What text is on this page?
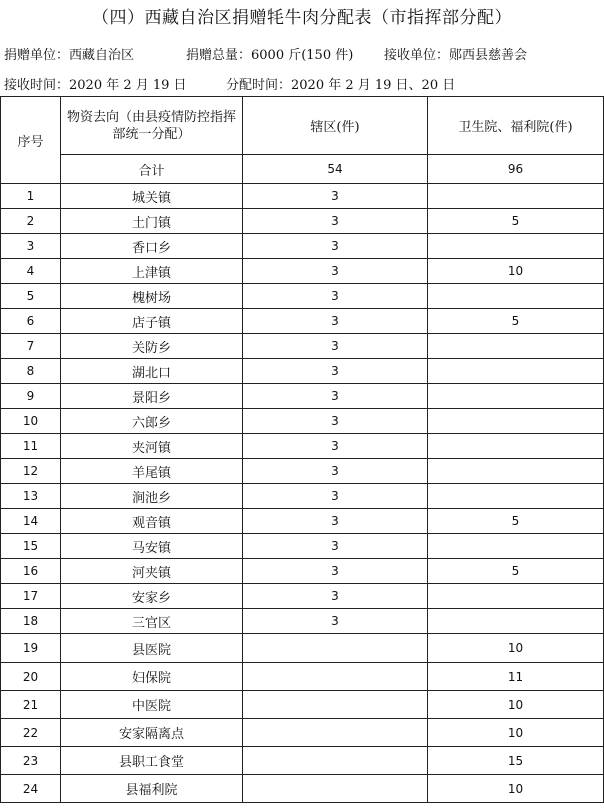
（四）西藏自治区捐赠牦牛肉分配表（市指挥部分配）
捐赠单位：西藏自治区	捐赠总量：6000 斤(150 件) 接收单位：郧西县慈善会
接收时间：2020 年 2 月 19 日	分配时间：2020 年 2 月 19 日、20 日
序号	物资去向（由县疫情防控指挥部统一分配）	辖区(件)	卫生院、福利院(件)
	合计	54	96
1	城关镇	3	
2	土门镇	3	5
3	香口乡	3	
4	上津镇	3	10
5	槐树场	3	
6	店子镇	3	5
7	关防乡	3	
8	湖北口	3	
9	景阳乡	3	
10	六郎乡	3	
11	夹河镇	3	
12	羊尾镇	3	
13	涧池乡	3	
14	观音镇	3	5
15	马安镇	3	
16	河夹镇	3	5
17	安家乡	3	
18	三官区	3	
19	县医院		10
20	妇保院		11
21	中医院		10
22	安家隔离点		10
23	县职工食堂		15
24	县福利院		10
